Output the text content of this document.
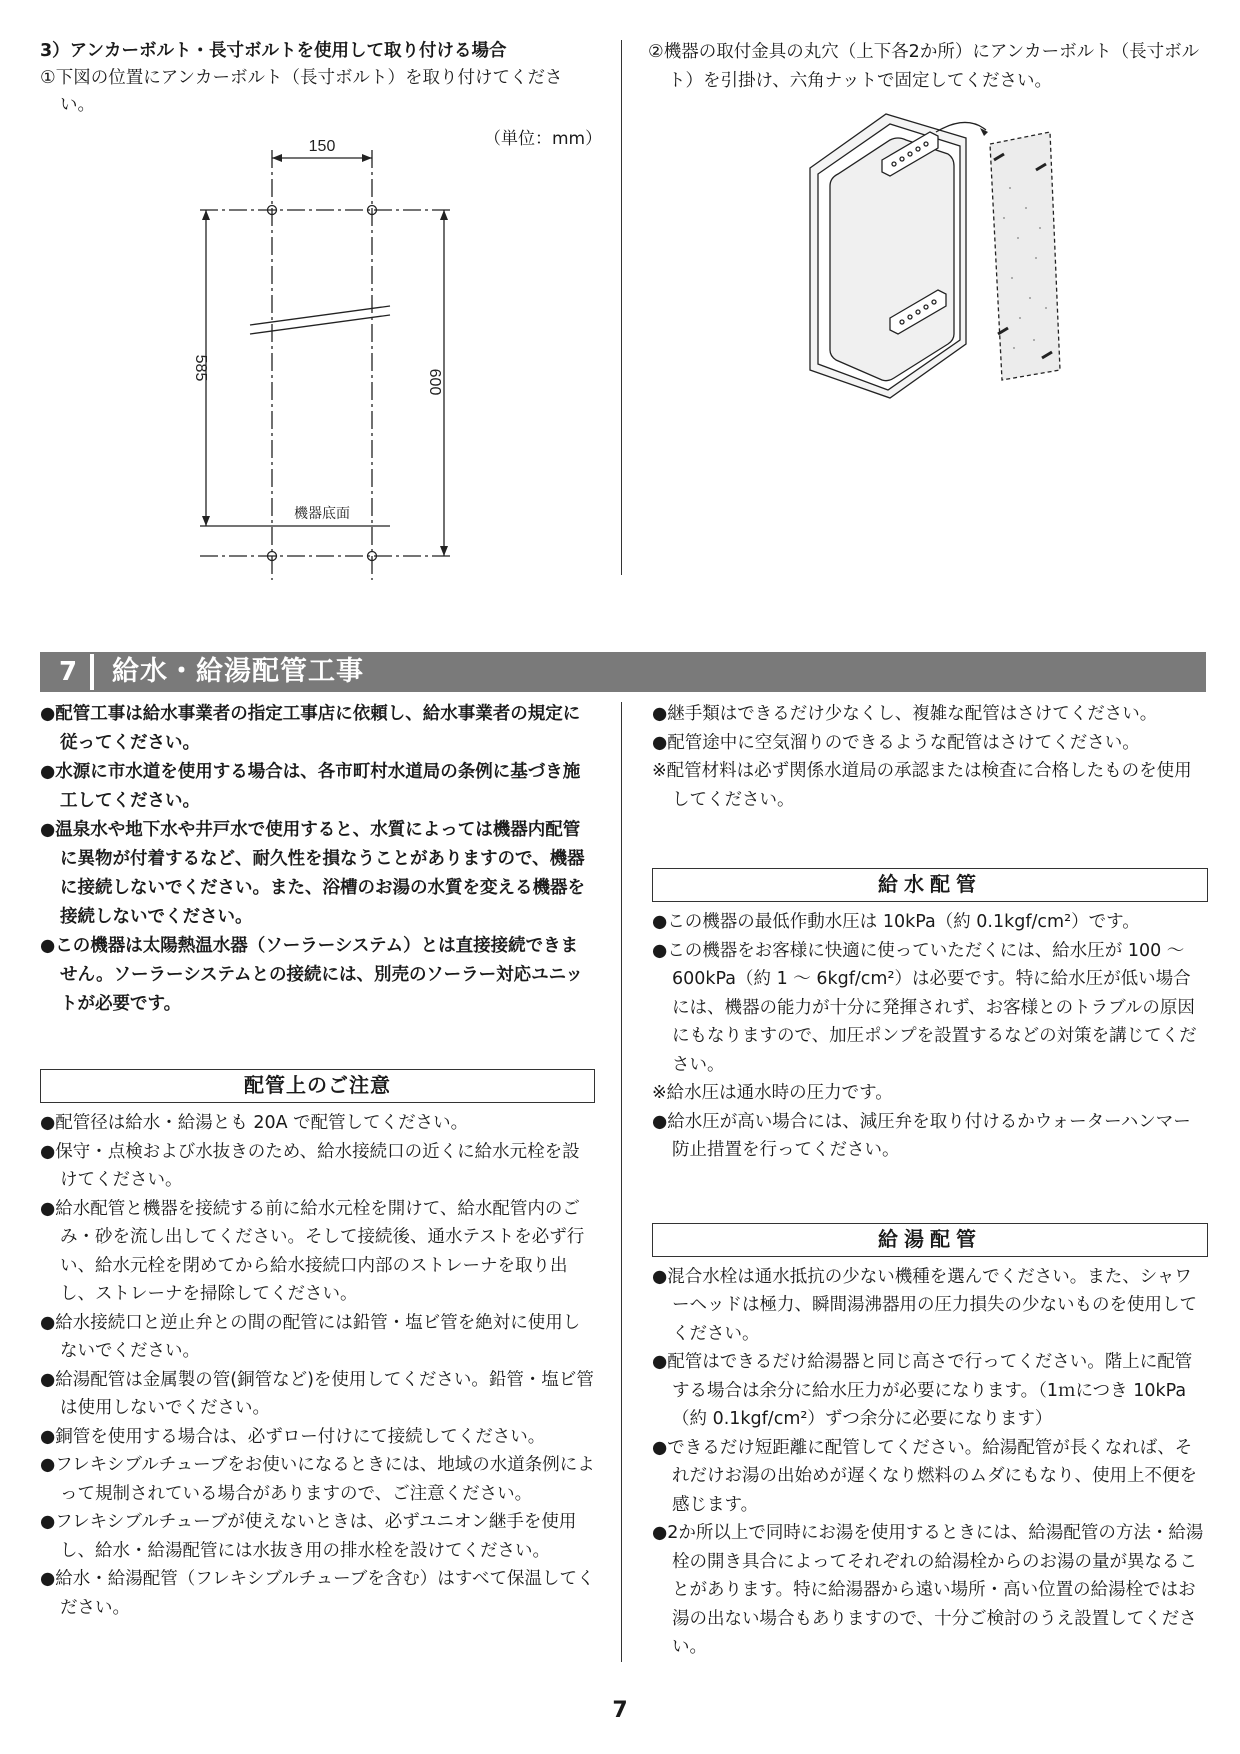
3）アンカーボルト・長寸ボルトを使用して取り付ける場合
①下図の位置にアンカーボルト（長寸ボルト）を取り付けてください。
（単位：mm）
150
585
600
機器底面
②機器の取付金具の丸穴（上下各2か所）にアンカーボルト（長寸ボルト）を引掛け、六角ナットで固定してください。
7	給水・給湯配管工事
●配管工事は給水事業者の指定工事店に依頼し、給水事業者の規定に従ってください。
●水源に市水道を使用する場合は、各市町村水道局の条例に基づき施工してください。
●温泉水や地下水や井戸水で使用すると、水質によっては機器内配管に異物が付着するなど、耐久性を損なうことがありますので、機器に接続しないでください。また、浴槽のお湯の水質を変える機器を接続しないでください。
●この機器は太陽熱温水器（ソーラーシステム）とは直接接続できません。ソーラーシステムとの接続には、別売のソーラー対応ユニットが必要です。
配管上のご注意
●配管径は給水・給湯とも 20A で配管してください。
●保守・点検および水抜きのため、給水接続口の近くに給水元栓を設けてください。
●給水配管と機器を接続する前に給水元栓を開けて、給水配管内のごみ・砂を流し出してください。そして接続後、通水テストを必ず行い、給水元栓を閉めてから給水接続口内部のストレーナを取り出し、ストレーナを掃除してください。
●給水接続口と逆止弁との間の配管には鉛管・塩ビ管を絶対に使用しないでください。
●給湯配管は金属製の管(銅管など)を使用してください。鉛管・塩ビ管は使用しないでください。
●銅管を使用する場合は、必ずロー付けにて接続してください。
●フレキシブルチューブをお使いになるときには、地域の水道条例によって規制されている場合がありますので、ご注意ください。
●フレキシブルチューブが使えないときは、必ずユニオン継手を使用し、給水・給湯配管には水抜き用の排水栓を設けてください。
●給水・給湯配管（フレキシブルチューブを含む）はすべて保温してください。
●継手類はできるだけ少なくし、複雑な配管はさけてください。
●配管途中に空気溜りのできるような配管はさけてください。
※配管材料は必ず関係水道局の承認または検査に合格したものを使用してください。
給水配管
●この機器の最低作動水圧は 10kPa（約 0.1kgf/cm²）です。
●この機器をお客様に快適に使っていただくには、給水圧が 100 ～ 600kPa（約 1 ～ 6kgf/cm²）は必要です。特に給水圧が低い場合には、機器の能力が十分に発揮されず、お客様とのトラブルの原因にもなりますので、加圧ポンプを設置するなどの対策を講じてください。
※給水圧は通水時の圧力です。
●給水圧が高い場合には、減圧弁を取り付けるかウォーターハンマー防止措置を行ってください。
給湯配管
●混合水栓は通水抵抗の少ない機種を選んでください。また、シャワーヘッドは極力、瞬間湯沸器用の圧力損失の少ないものを使用してください。
●配管はできるだけ給湯器と同じ高さで行ってください。階上に配管する場合は余分に給水圧力が必要になります。（1ｍにつき 10kPa（約 0.1kgf/cm²）ずつ余分に必要になります）
●できるだけ短距離に配管してください。給湯配管が長くなれば、それだけお湯の出始めが遅くなり燃料のムダにもなり、使用上不便を感じます。
●2か所以上で同時にお湯を使用するときには、給湯配管の方法・給湯栓の開き具合によってそれぞれの給湯栓からのお湯の量が異なることがあります。特に給湯器から遠い場所・高い位置の給湯栓ではお湯の出ない場合もありますので、十分ご検討のうえ設置してください。
7
